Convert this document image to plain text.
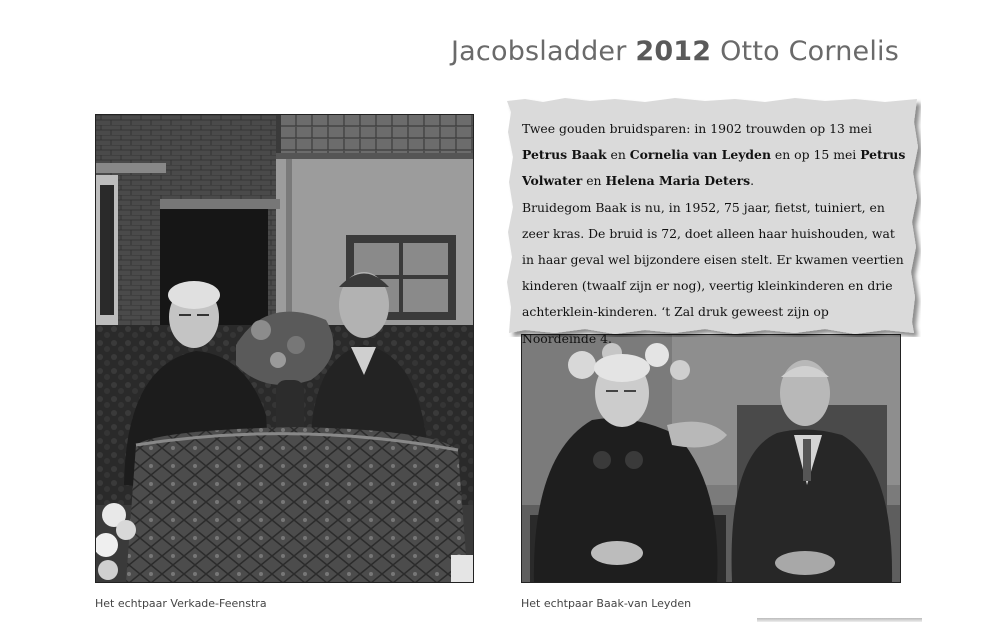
Jacobsladder 2012 Otto Cornelis
Het echtpaar Verkade-Feenstra	Het echtpaar Baak-van Leyden

Twee gouden bruidsparen: in 1902 trouwden op 13 mei Petrus Baak en Cornelia van Leyden en op 15 mei Petrus Volwater en Helena Maria Deters.

Bruidegom Baak is nu, in 1952, 75 jaar, fietst, tuiniert, en zeer kras. De bruid is 72, doet alleen haar huishouden, wat in haar geval wel bijzondere eisen stelt. Er kwamen veertien kinderen (twaalf zijn er nog), veertig kleinkinderen en drie achterklein-kinderen. ‘t Zal druk geweest zijn op Noordeinde 4.
